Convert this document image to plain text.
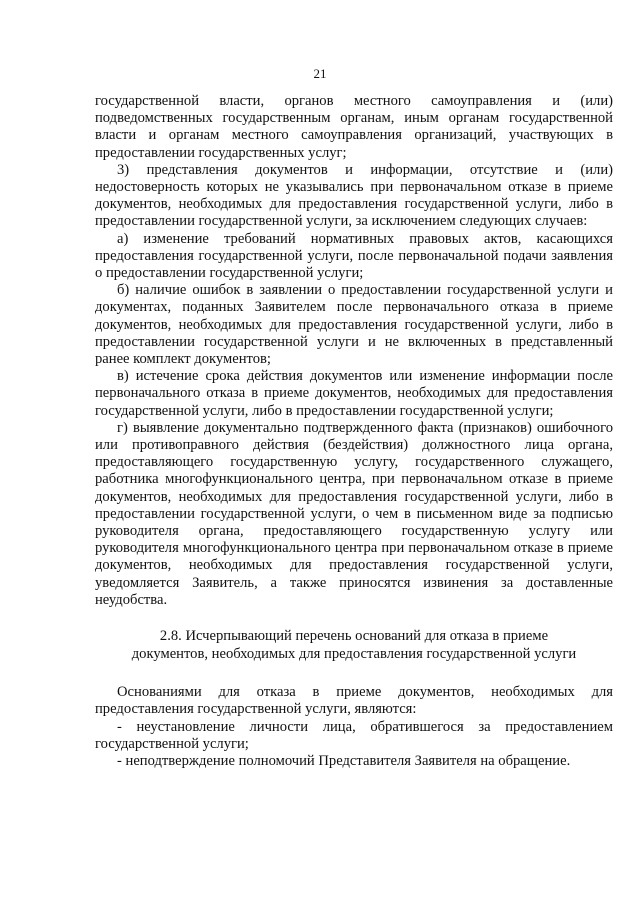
21

государственной власти, органов местного самоуправления и (или) подведомственных государственным органам, иным органам государственной власти и органам местного самоуправления организаций, участвующих в предоставлении государственных услуг;

3) представления документов и информации, отсутствие и (или) недостоверность которых не указывались при первоначальном отказе в приеме документов, необходимых для предоставления государственной услуги, либо в предоставлении государственной услуги, за исключением следующих случаев:

а) изменение требований нормативных правовых актов, касающихся предоставления государственной услуги, после первоначальной подачи заявления о предоставлении государственной услуги;

б) наличие ошибок в заявлении о предоставлении государственной услуги и документах, поданных Заявителем после первоначального отказа в приеме документов, необходимых для предоставления государственной услуги, либо в предоставлении государственной услуги и не включенных в представленный ранее комплект документов;

в) истечение срока действия документов или изменение информации после первоначального отказа в приеме документов, необходимых для предоставления государственной услуги, либо в предоставлении государственной услуги;

г) выявление документально подтвержденного факта (признаков) ошибочного или противоправного действия (бездействия) должностного лица органа, предоставляющего государственную услугу, государственного служащего, работника многофункционального центра, при первоначальном отказе в приеме документов, необходимых для предоставления государственной услуги, либо в предоставлении государственной услуги, о чем в письменном виде за подписью руководителя органа, предоставляющего государственную услугу или руководителя многофункционального центра при первоначальном отказе в приеме документов, необходимых для предоставления государственной услуги, уведомляется Заявитель, а также приносятся извинения за доставленные неудобства.

2.8. Исчерпывающий перечень оснований для отказа в приеме
документов, необходимых для предоставления государственной услуги

Основаниями для отказа в приеме документов, необходимых для предоставления государственной услуги, являются:

- неустановление личности лица, обратившегося за предоставлением государственной услуги;

- неподтверждение полномочий Представителя Заявителя на обращение.
